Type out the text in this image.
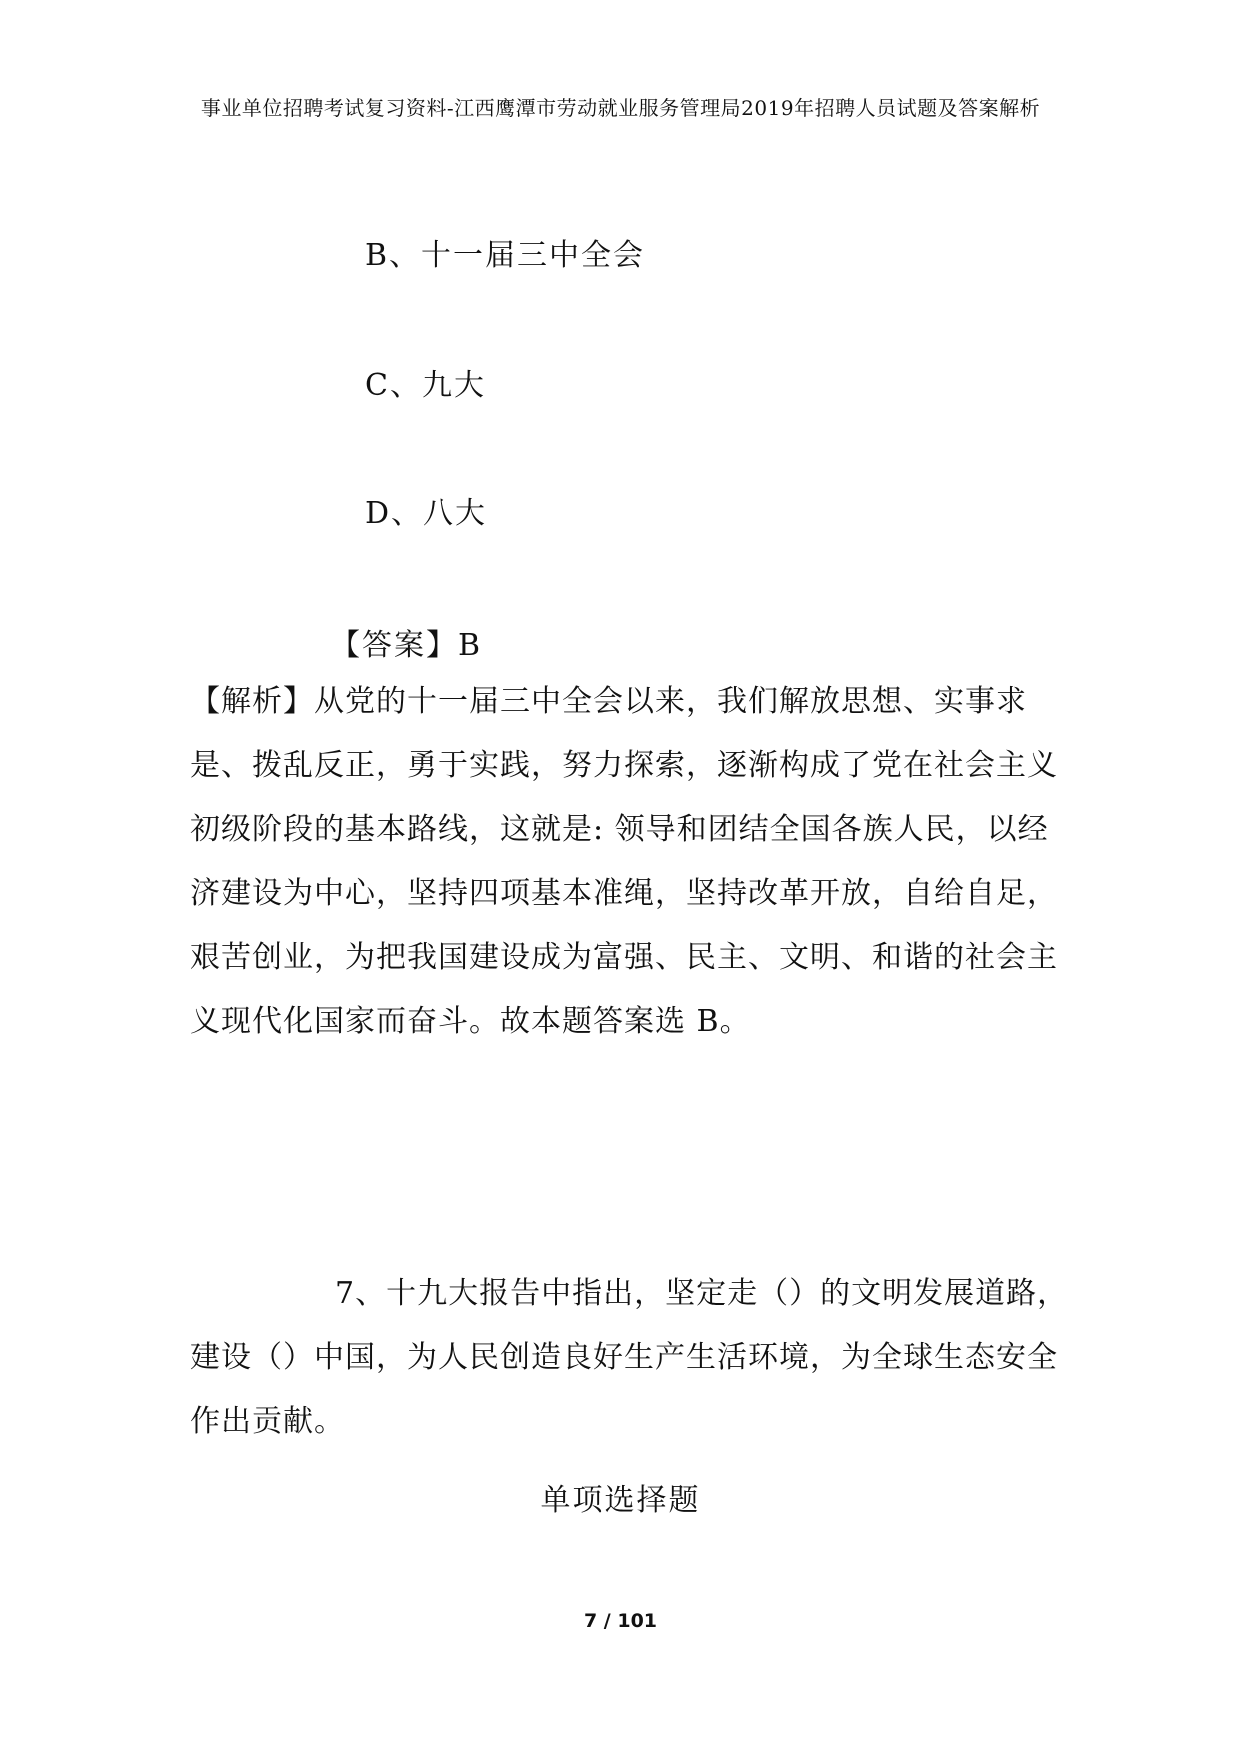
事业单位招聘考试复习资料-江西鹰潭市劳动就业服务管理局2019年招聘人员试题及答案解析
B、十一届三中全会
C、九大
D、八大
【答案】B
【解析】从党的十一届三中全会以来，我们解放思想、实事求
是、拨乱反正，勇于实践，努力探索，逐渐构成了党在社会主义
初级阶段的基本路线，这就是: 领导和团结全国各族人民，以经
济建设为中心，坚持四项基本准绳，坚持改革开放，自给自足，
艰苦创业，为把我国建设成为富强、民主、文明、和谐的社会主
义现代化国家而奋斗。故本题答案选 B。
7、十九大报告中指出，坚定走（）的文明发展道路，
建设（）中国，为人民创造良好生产生活环境，为全球生态安全
作出贡献。
单项选择题
7 / 101
